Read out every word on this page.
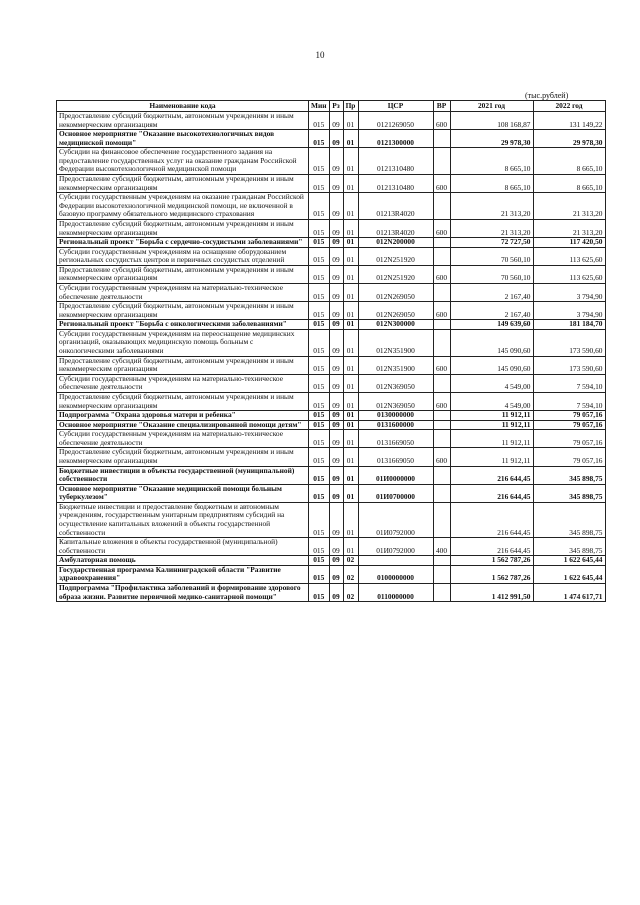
10
(тыс.рублей)
Наименование кода	Мин	Рз	Пр	ЦСР	ВР	2021 год	2022 год
Предоставление субсидий бюджетным, автономным учреждениям и иным некоммерческим организациям	015	09	01	0121269050	600	108 168,87	131 149,22
Основное мероприятие "Оказание высокотехнологичных видов медицинской помощи"	015	09	01	0121300000		29 978,30	29 978,30
Субсидии на финансовое обеспечение государственного задания на предоставление государственных услуг на оказание гражданам Российской Федерации высокотехнологичной медицинской помощи	015	09	01	0121310480		8 665,10	8 665,10
Предоставление субсидий бюджетным, автономным учреждениям и иным некоммерческим организациям	015	09	01	0121310480	600	8 665,10	8 665,10
Субсидии государственным учреждениям на оказание гражданам Российской Федерации высокотехнологичной медицинской помощи, не включенной в базовую программу обязательного медицинского страхования	015	09	01	01213R4020		21 313,20	21 313,20
Предоставление субсидий бюджетным, автономным учреждениям и иным некоммерческим организациям	015	09	01	01213R4020	600	21 313,20	21 313,20
Региональный проект "Борьба с сердечно-сосудистыми заболеваниями"	015	09	01	012N200000		72 727,50	117 420,50
Субсидии государственным учреждениям на оснащение оборудованием региональных сосудистых центров и первичных сосудистых отделений	015	09	01	012N251920		70 560,10	113 625,60
Предоставление субсидий бюджетным, автономным учреждениям и иным некоммерческим организациям	015	09	01	012N251920	600	70 560,10	113 625,60
Субсидии государственным учреждениям на материально-техническое обеспечение деятельности	015	09	01	012N269050		2 167,40	3 794,90
Предоставление субсидий бюджетным, автономным учреждениям и иным некоммерческим организациям	015	09	01	012N269050	600	2 167,40	3 794,90
Региональный проект "Борьба с онкологическими заболеваниями"	015	09	01	012N300000		149 639,60	181 184,70
Субсидии государственным учреждениям на переоснащение медицинских организаций, оказывающих медицинскую помощь больным с онкологическими заболеваниями	015	09	01	012N351900		145 090,60	173 590,60
Предоставление субсидий бюджетным, автономным учреждениям и иным некоммерческим организациям	015	09	01	012N351900	600	145 090,60	173 590,60
Субсидии государственным учреждениям на материально-техническое обеспечение деятельности	015	09	01	012N369050		4 549,00	7 594,10
Предоставление субсидий бюджетным, автономным учреждениям и иным некоммерческим организациям	015	09	01	012N369050	600	4 549,00	7 594,10
Подпрограмма "Охрана здоровья матери и ребенка"	015	09	01	0130000000		11 912,11	79 057,16
Основное мероприятие "Оказание специализированной помощи детям"	015	09	01	0131600000		11 912,11	79 057,16
Субсидии государственным учреждениям на материально-техническое обеспечение деятельности	015	09	01	0131669050		11 912,11	79 057,16
Предоставление субсидий бюджетным, автономным учреждениям и иным некоммерческим организациям	015	09	01	0131669050	600	11 912,11	79 057,16
Бюджетные инвестиции в объекты государственной (муниципальной) собственности	015	09	01	01И0000000		216 644,45	345 898,75
Основное мероприятие "Оказание медицинской помощи больным туберкулезом"	015	09	01	01И0700000		216 644,45	345 898,75
Бюджетные инвестиции и предоставление бюджетным и автономным учреждениям, государственным унитарным предприятиям субсидий на осуществление капитальных вложений в объекты государственной собственности	015	09	01	01И0792000		216 644,45	345 898,75
Капитальные вложения в объекты государственной (муниципальной) собственности	015	09	01	01И0792000	400	216 644,45	345 898,75
Амбулаторная помощь	015	09	02			1 562 787,26	1 622 645,44
Государственная программа Калининградской области "Развитие здравоохранения"	015	09	02	0100000000		1 562 787,26	1 622 645,44
Подпрограмма "Профилактика заболеваний и формирование здорового образа жизни. Развитие первичной медико-санитарной помощи"	015	09	02	0110000000		1 412 991,50	1 474 617,71
